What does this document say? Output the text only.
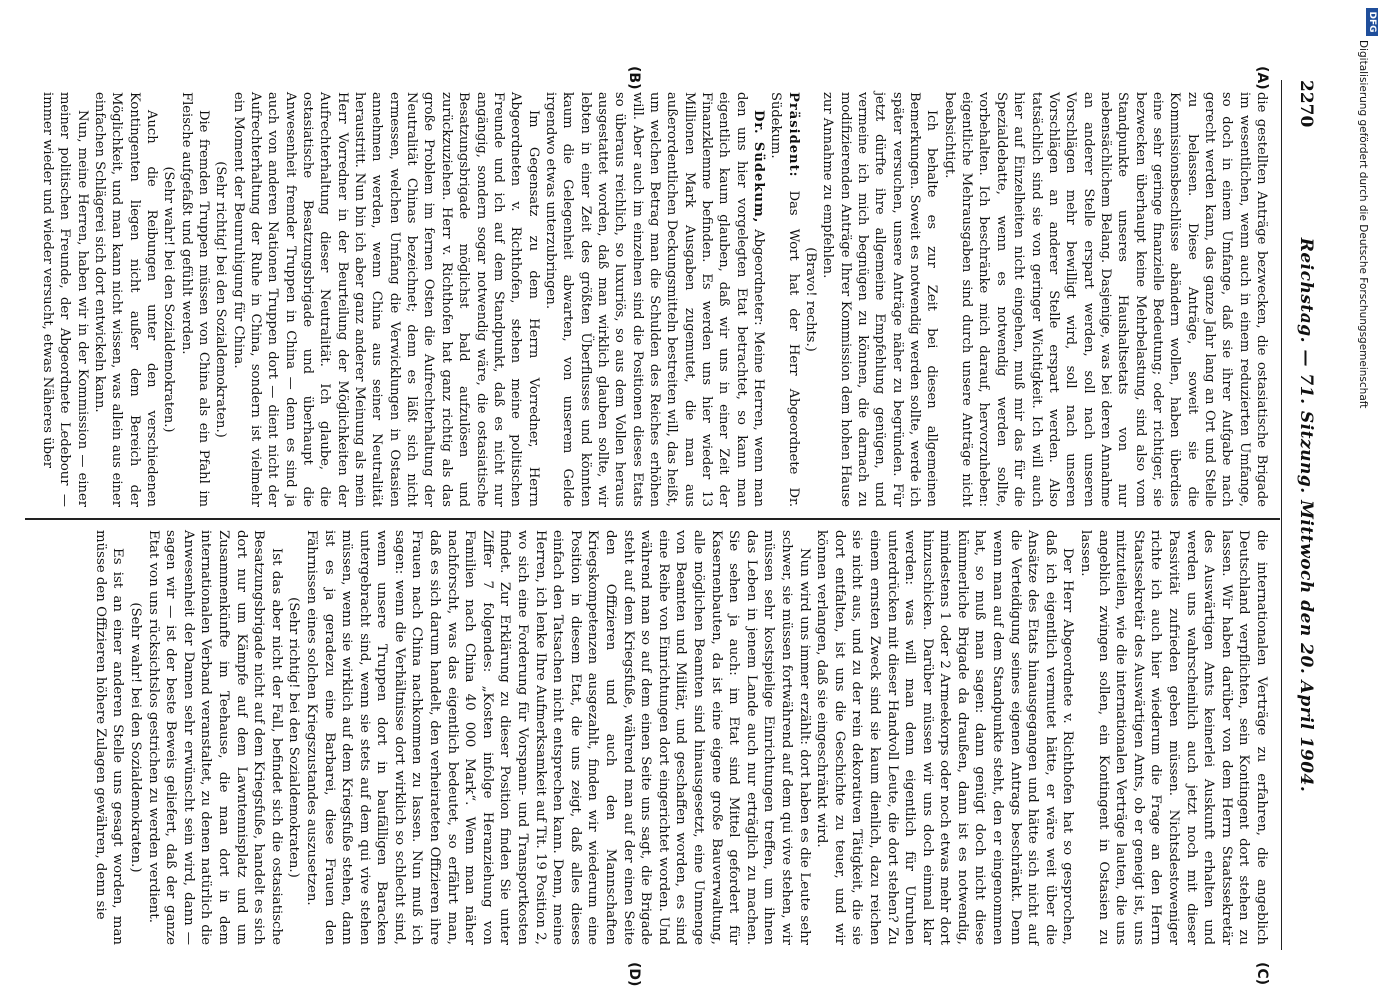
DFG
Digitalisierung gefördert durch die Deutsche Forschungsgemeinschaft
2270
Reichstag. — 71. Sitzung. Mittwoch den 20. April 1904.
(A)
(B)
(C)
(D)

die gestellten Anträge bezwecken, die ostasiatische Brigade im wesentlichen, wenn auch in einem reduzierten Umfange, so doch in einem Umfange, daß sie ihrer Aufgabe nach gerecht werden kann, das ganze Jahr lang an Ort und Stelle zu belassen. Diese Anträge, soweit sie die Kommissionsbeschlüsse abändern wollen, haben überdies eine sehr geringe finanzielle Bedeutung; oder richtiger, sie bezwecken überhaupt keine Mehrbelastung, sind also vom Standpunkte unseres Haushaltsetats von nur nebensächlichem Belang. Dasjenige, was bei deren Annahme an anderer Stelle erspart werden, soll nach unseren Vorschlägen mehr bewilligt wird, soll nach unseren Vorschlägen an anderer Stelle erspart werden. Also tatsächlich sind sie von geringer Wichtigkeit. Ich will auch hier auf Einzelheiten nicht eingehen, muß mir das für die Spezialdebatte, wenn es notwendig werden sollte, vorbehalten. Ich beschränke mich darauf, hervorzuheben: eigentliche Mehrausgaben sind durch unsere Anträge nicht beabsichtigt.

Ich behalte es zur Zeit bei diesen allgemeinen Bemerkungen. Soweit es notwendig werden sollte, werde ich später versuchen, unsere Anträge näher zu begründen. Für jetzt dürfte ihre allgemeine Empfehlung genügen, und vermeine ich mich begnügen zu können, die darnach zu modifizierenden Anträge Ihrer Kommission dem hohen Hause zur Annahme zu empfehlen.

(Bravo! rechts.)

Präsident: Das Wort hat der Herr Abgeordnete Dr. Südekum.

Dr. Südekum, Abgeordneter: Meine Herren, wenn man den uns hier vorgelegten Etat betrachtet, so kann man eigentlich kaum glauben, daß wir uns in einer Zeit der Finanzklemme befinden. Es werden uns hier wieder 13 Millionen Mark Ausgaben zugemutet, die man aus außerordentlichen Deckungsmitteln bestreiten will, das heißt, um welchen Betrag man die Schulden des Reiches erhöhen will. Aber auch im einzelnen sind die Positionen dieses Etats so überaus reichlich, so luxuriös, so aus dem Vollen heraus ausgestattet worden, daß man wirklich glauben sollte, wir lebten in einer Zeit des größten Überflusses und könnten kaum die Gelegenheit abwarten, von unserem Gelde irgendwo etwas unterzubringen.

Im Gegensatz zu dem Herrn Vorredner, Herrn Abgeordneten v. Richthofen, stehen meine politischen Freunde und ich auf dem Standpunkt, daß es nicht nur angängig, sondern sogar notwendig wäre, die ostasiatische Besatzungsbrigade möglichst bald aufzulösen und zurückzuziehen. Herr v. Richthofen hat ganz richtig als das große Problem im fernen Osten die Aufrechterhaltung der Neutralität Chinas bezeichnet; denn es läßt sich nicht ermessen, welchen Umfang die Verwicklungen in Ostasien annehmen werden, wenn China aus seiner Neutralität heraustritt. Nun bin ich aber ganz anderer Meinung als mein Herr Vorredner in der Beurteilung der Möglichkeiten der Aufrechterhaltung dieser Neutralität. Ich glaube, die ostasiatische Besatzungsbrigade und überhaupt die Anwesenheit fremder Truppen in China — denn es sind ja auch von anderen Nationen Truppen dort — dient nicht der Aufrechterhaltung der Ruhe in China, sondern ist vielmehr ein Moment der Beunruhigung für China.

(Sehr richtig! bei den Sozialdemokraten.)

Die fremden Truppen müssen von China als ein Pfahl im Fleische aufgefaßt und gefühlt werden.

(Sehr wahr! bei den Sozialdemokraten.)

Auch die Reibungen unter den verschiedenen Kontingenten liegen nicht außer dem Bereich der Möglichkeit, und man kann nicht wissen, was allein aus einer einfachen Schlägerei sich dort entwickeln kann.

Nun, meine Herren, haben wir in der Kommission — einer meiner politischen Freunde, der Abgeordnete Ledebour — immer wieder und wieder versucht, etwas Näheres über

die internationalen Verträge zu erfahren, die angeblich Deutschland verpflichten, sein Kontingent dort stehen zu lassen. Wir haben darüber von dem Herrn Staatssekretär des Auswärtigen Amts keinerlei Auskunft erhalten und werden uns wahrscheinlich auch jetzt noch mit dieser Passivität zufrieden geben müssen. Nichtsdestoweniger richte ich auch hier wiederum die Frage an den Herrn Staatssekretär des Auswärtigen Amts, ob er geneigt ist, uns mitzuteilen, wie die internationalen Verträge lauten, die uns angeblich zwingen sollen, ein Kontingent in Ostasien zu lassen.

Der Herr Abgeordnete v. Richthofen hat so gesprochen, daß ich eigentlich vermutet hätte, er wäre weit über die Ansätze des Etats hinausgegangen und hätte sich nicht auf die Verteidigung seines eigenen Antrags beschränkt. Denn wenn man auf dem Standpunkte steht, den er eingenommen hat, so muß man sagen: dann genügt doch nicht diese kümmerliche Brigade da draußen, dann ist es notwendig, mindestens 1 oder 2 Armeekorps oder noch etwas mehr dort hinzuschicken. Darüber müssen wir uns doch einmal klar werden: was will man denn eigentlich für Unruhen unterdrücken mit dieser Handvoll Leute, die dort stehen? Zu einem ernsten Zweck sind sie kaum dienlich, dazu reichen sie nicht aus, und zu der rein dekorativen Tätigkeit, die sie dort entfalten, ist uns die Geschichte zu teuer, und wir können verlangen, daß sie eingeschränkt wird.

Nun wird uns immer erzählt: dort haben es die Leute sehr schwer, sie müssen fortwährend auf dem qui vive stehen, wir müssen sehr kostspielige Einrichtungen treffen, um ihnen das Leben in jenem Lande auch nur erträglich zu machen. Sie sehen ja auch: im Etat sind Mittel gefordert für Kasernenbauten, da ist eine eigene große Bauverwaltung, alle möglichen Beamten sind hinausgesetzt, eine Unmenge von Beamten und Militär, und geschaffen worden, es sind eine Reihe von Einrichtungen dort eingerichtet worden. Und während man so auf dem einen Seite uns sagt, die Brigade steht auf dem Kriegsfuße, während man auf der einen Seite den Offizieren und auch den Mannschaften Kriegskompetenzen ausgezahlt, finden wir wiederum eine Position in diesem Etat, die uns zeigt, daß alles dieses einfach den Tatsachen nicht entsprechen kann. Denn, meine Herren, ich lenke Ihre Aufmerksamkeit auf Tit. 19 Position 2, wo sich eine Forderung für Vorspann- und Transportkosten findet. Zur Erklärung zu dieser Position finden Sie unter Ziffer 7 folgendes: „Kosten infolge Heranziehung von Familien nach China 40 000 Mark“. Wenn man näher nachforscht, was das eigentlich bedeutet, so erfährt man, daß es sich darum handelt, den verheirateten Offizieren ihre Frauen nach China nachkommen zu lassen. Nun muß ich sagen: wenn die Verhältnisse dort wirklich so schlecht sind, wenn unsere Truppen dort in baufälligen Baracken untergebracht sind, wenn sie stets auf dem qui vive stehen müssen, wenn sie wirklich auf dem Kriegsfuße stehen, dann ist es ja geradezu eine Barbarei, diese Frauen den Fährnissen eines solchen Kriegszustandes auszusetzen.

(Sehr richtig! bei den Sozialdemokraten.)

Ist das aber nicht der Fall, befindet sich die ostasiatische Besatzungsbrigade nicht auf dem Kriegsfuße, handelt es sich dort nur um Kämpfe auf dem Lawntennisplatz und um Zusammenkünfte im Teehause, die man dort in dem internationalen Verband veranstaltet, zu denen natürlich die Anwesenheit der Damen sehr erwünscht sein wird, dann — sagen wir — ist der beste Beweis geliefert, daß der ganze Etat von uns rücksichtslos gestrichen zu werden verdient.

(Sehr wahr! bei den Sozialdemokraten.)

Es ist an einer anderen Stelle uns gesagt worden, man müsse den Offizieren höhere Zulagen gewähren, denn sie
